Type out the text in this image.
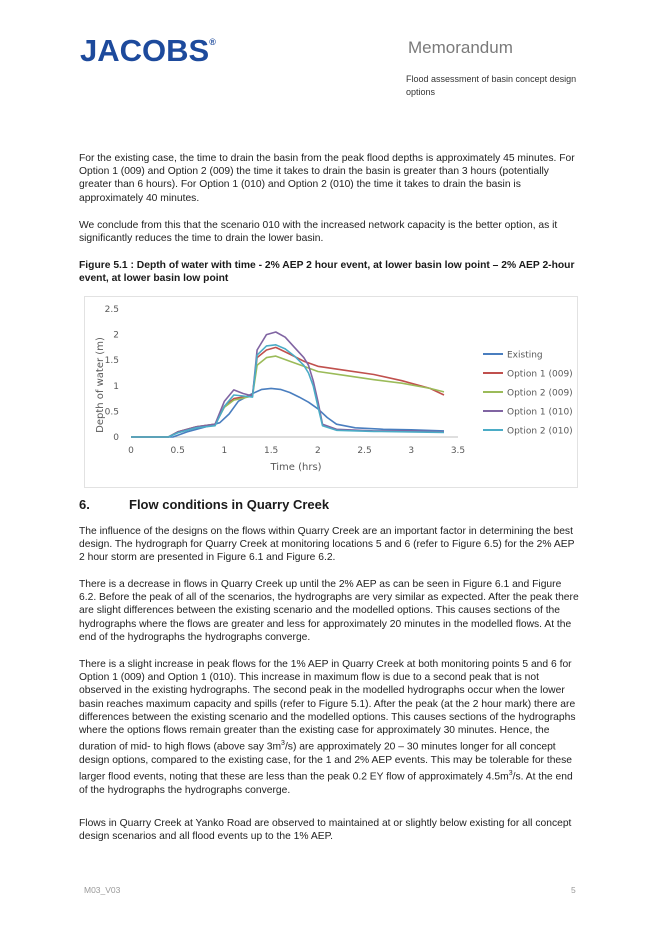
JACOBS®	Memorandum
Flood assessment of basin concept design options

For the existing case, the time to drain the basin from the peak flood depths is approximately 45 minutes. For Option 1 (009) and Option 2 (009) the time it takes to drain the basin is greater than 3 hours (potentially greater than 6 hours). For Option 1 (010) and Option 2 (010) the time it takes to drain the basin is approximately 40 minutes.

We conclude from this that the scenario 010 with the increased network capacity is the better option, as it significantly reduces the time to drain the lower basin.

Figure 5.1 : Depth of water with time - 2% AEP 2 hour event, at lower basin low point – 2% AEP 2-hour event, at lower basin low point
0
0.5
1
1.5
2
2.5
0	0.5	1	1.5	2	2.5	3	3.5
Depth of water (m)
Time (hrs)
Existing
Option 1 (009)
Option 2 (009)
Option 1 (010)
Option 2 (010)
6.	Flow conditions in Quarry Creek

The influence of the designs on the flows within Quarry Creek are an important factor in determining the best design. The hydrograph for Quarry Creek at monitoring locations 5 and 6 (refer to Figure 6.5) for the 2% AEP 2 hour storm are presented in Figure 6.1 and Figure 6.2.

There is a decrease in flows in Quarry Creek up until the 2% AEP as can be seen in Figure 6.1 and Figure 6.2. Before the peak of all of the scenarios, the hydrographs are very similar as expected. After the peak there are slight differences between the existing scenario and the modelled options. This causes sections of the hydrographs where the flows are greater and less for approximately 20 minutes in the modelled flows. At the end of the hydrographs the hydrographs converge.

There is a slight increase in peak flows for the 1% AEP in Quarry Creek at both monitoring points 5 and 6 for Option 1 (009) and Option 1 (010). This increase in maximum flow is due to a second peak that is not observed in the existing hydrographs. The second peak in the modelled hydrographs occur when the lower basin reaches maximum capacity and spills (refer to Figure 5.1). After the peak (at the 2 hour mark) there are differences between the existing scenario and the modelled options. This causes sections of the hydrographs where the options flows remain greater than the existing case for approximately 30 minutes. Hence, the duration of mid- to high flows (above say $3m^3/s$) are approximately 20 – 30 minutes longer for all concept design options, compared to the existing case, for the 1 and 2% AEP events. This may be tolerable for these larger flood events, noting that these are less than the peak 0.2 EY flow of approximately $4.5m^3/s$. At the end of the hydrographs the hydrographs converge.

Flows in Quarry Creek at Yanko Road are observed to maintained at or slightly below existing for all concept design scenarios and all flood events up to the 1% AEP.

M03_V03	5
